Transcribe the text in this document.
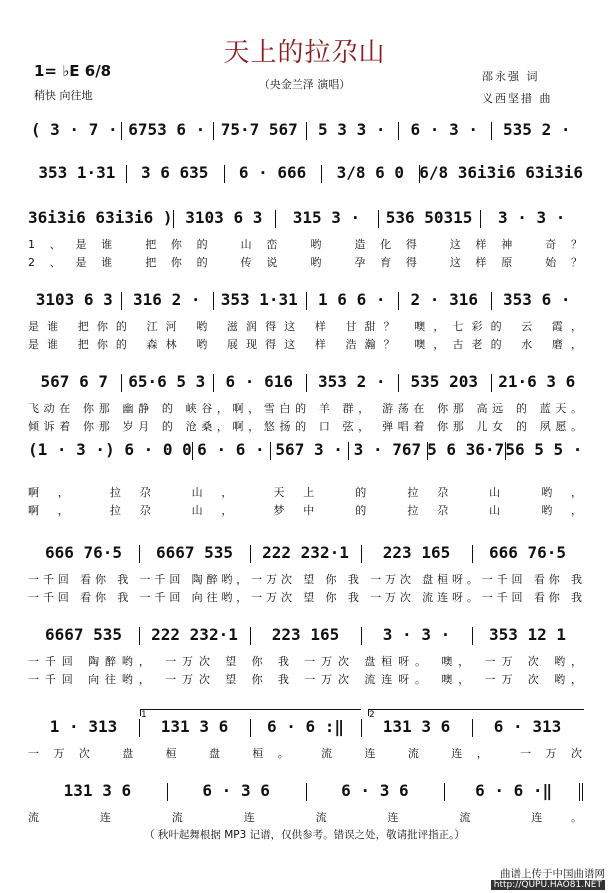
天上的拉尕山
1= ♭E 6/8
稍快 向往地
（央金兰泽 演唱）
邵永强 词
义西坚措 曲
( 3 · 7 · 6753 6 · 75·7 567	5 3 3 ·	6 · 3 ·	535 2 ·
353 1·31	3 6 635	6 · 666	3/8 6 0 6/8 36i3i6 63i3i6
36i3i6 63i3i6 ) 3103 6 3	315 3 ·	536 50315	3 · 3 ·
1、是谁 把你的 山峦 哟 造化得 这样神 奇？
2、是谁 把你的 传说 哟 孕育得 这样原 始？
3103 6 3	316 2 ·	353 1·31	1 6 6 ·	2 · 316	353 6 ·
是谁 把你的 江河 哟 滋润得这 样 甘甜？ 噢，七彩的 云 霞，
是谁 把你的 森林 哟 展现得这 样 浩瀚？ 噢，古老的 水 磨，
567 6 7	65·6 5 3	6 · 616	353 2 ·	535 203	21·6 3 6
飞动在 你那 幽静 的 峡谷，啊，雪白的 羊 群， 游荡在 你那 高远 的 蓝天。
倾诉着 你那 岁月 的 沧桑，啊，悠扬的 口 弦， 弹唱着 你那 儿女 的 夙愿。
(1 · 3 ·) 6 · 0 0 6 · 6 · 567 3 · 3 · 767 5 6 36·7 56 5 5 ·
啊， 拉尕 山， 天上 的 拉尕 山 哟，
啊， 拉尕 山， 梦中 的 拉尕 山 哟，
666 76·5	6667 535	222 232·1	223 165	666 76·5
一千回 看你 我 一千回 陶醉哟，一万次 望 你 我 一万次 盘桓呀。一千回 看你 我
一千回 看你 我 一千回 向往哟，一万次 望 你 我 一万次 流连呀。一千回 看你 我
6667 535	222 232·1	223 165	3 · 3 ·	353 12 1
一千回 陶醉哟， 一万次 望 你 我 一万次 盘桓呀。 噢， 一万 次 哟，
一千回 向往哟， 一万次 望 你 我 一万次 流连呀。 噢， 一万 次 哟，
1 · 313	131 3 6	6 · 6 :‖	131 3 6	6 · 313
一万次 盘 桓 盘 桓。 流 连 流 连， 一万次
1	2
131 3 6	6 · 3 6	6 · 3 6	6 · 6 ·‖
流 连 流 连 流 连 流 连。
（ 秋叶起舞根据 MP3 记谱，仅供参考。错误之处，敬请批评指正。）
曲谱上传于中国曲谱网
http://QUPU.HAO81.NET
